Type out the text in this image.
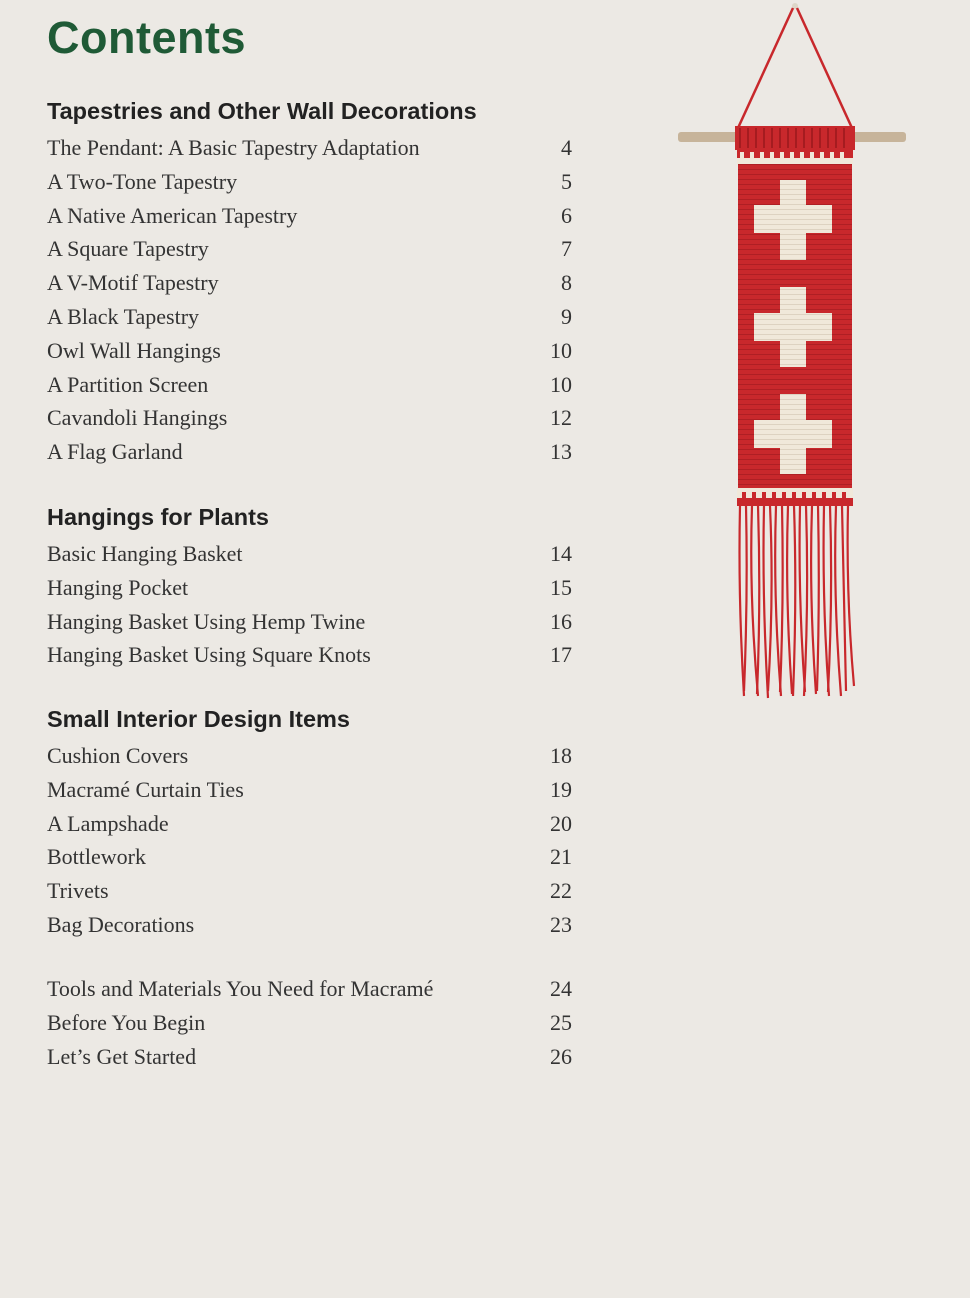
Contents
Tapestries and Other Wall Decorations
The Pendant: A Basic Tapestry Adaptation	4
A Two-Tone Tapestry	5
A Native American Tapestry	6
A Square Tapestry	7
A V-Motif Tapestry	8
A Black Tapestry	9
Owl Wall Hangings	10
A Partition Screen	10
Cavandoli Hangings	12
A Flag Garland	13
Hangings for Plants
Basic Hanging Basket	14
Hanging Pocket	15
Hanging Basket Using Hemp Twine	16
Hanging Basket Using Square Knots	17
Small Interior Design Items
Cushion Covers	18
Macramé Curtain Ties	19
A Lampshade	20
Bottlework	21
Trivets	22
Bag Decorations	23
Tools and Materials You Need for Macramé	24
Before You Begin	25
Let’s Get Started	26
